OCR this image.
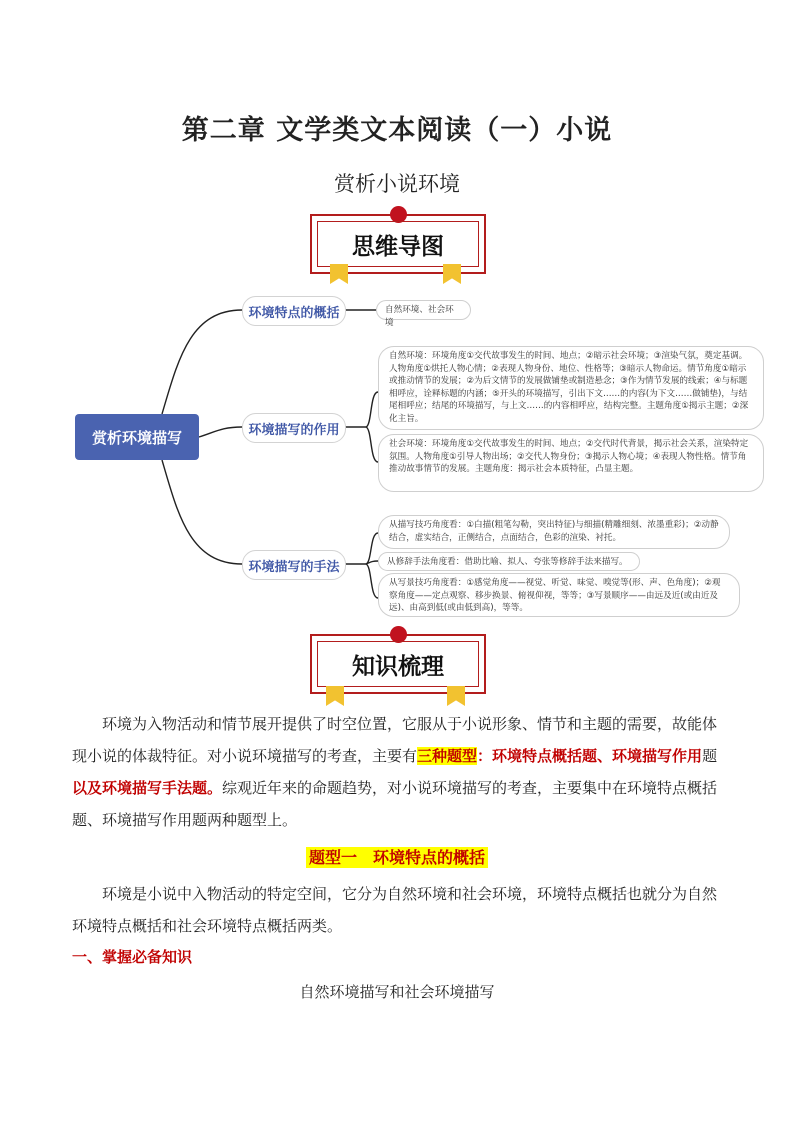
第二章 文学类文本阅读（一）小说
赏析小说环境
思维导图
赏析环境描写
环境特点的概括
环境描写的作用
环境描写的手法
自然环境、社会环境
自然环境：环境角度①交代故事发生的时间、地点；②暗示社会环境；③渲染气氛，奠定基调。人物角度①烘托人物心情；②表现人物身份、地位、性格等；③暗示人物命运。情节角度①暗示或推动情节的发展；②为后文情节的发展做铺垫或制造悬念；③作为情节发展的线索；④与标题相呼应，诠释标题的内涵；⑤开头的环境描写，引出下文……的内容(为下文……做铺垫)，与结尾相呼应；结尾的环境描写，与上文……的内容相呼应，结构完整。主题角度①揭示主题；②深化主旨。
社会环境：环境角度①交代故事发生的时间、地点；②交代时代背景，揭示社会关系，渲染特定氛围。人物角度①引导人物出场；②交代人物身份；③揭示人物心境；④表现人物性格。情节角推动故事情节的发展。主题角度：揭示社会本质特征，凸显主题。
从描写技巧角度看：①白描(粗笔勾勒，突出特征)与细描(精雕细刻、浓墨重彩)；②动静结合，虚实结合，正侧结合，点面结合，色彩的渲染、衬托。
从修辞手法角度看：借助比喻、拟人、夸张等修辞手法来描写。
从写景技巧角度看：①感觉角度——视觉、听觉、味觉、嗅觉等(形、声、色角度)；②观察角度——定点观察、移步换景、俯视仰视，等等；③写景顺序——由远及近(或由近及远)、由高到低(或由低到高)，等等。
知识梳理
环境为入物活动和情节展开提供了时空位置，它服从于小说形象、情节和主题的需要，故能体现小说的体裁特征。对小说环境描写的考查，主要有三种题型：环境特点概括题、环境描写作用题以及环境描写手法题。综观近年来的命题趋势，对小说环境描写的考查，主要集中在环境特点概括题、环境描写作用题两种题型上。
题型一　环境特点的概括
环境是小说中入物活动的特定空间，它分为自然环境和社会环境，环境特点概括也就分为自然环境特点概括和社会环境特点概括两类。
一、掌握必备知识
自然环境描写和社会环境描写
